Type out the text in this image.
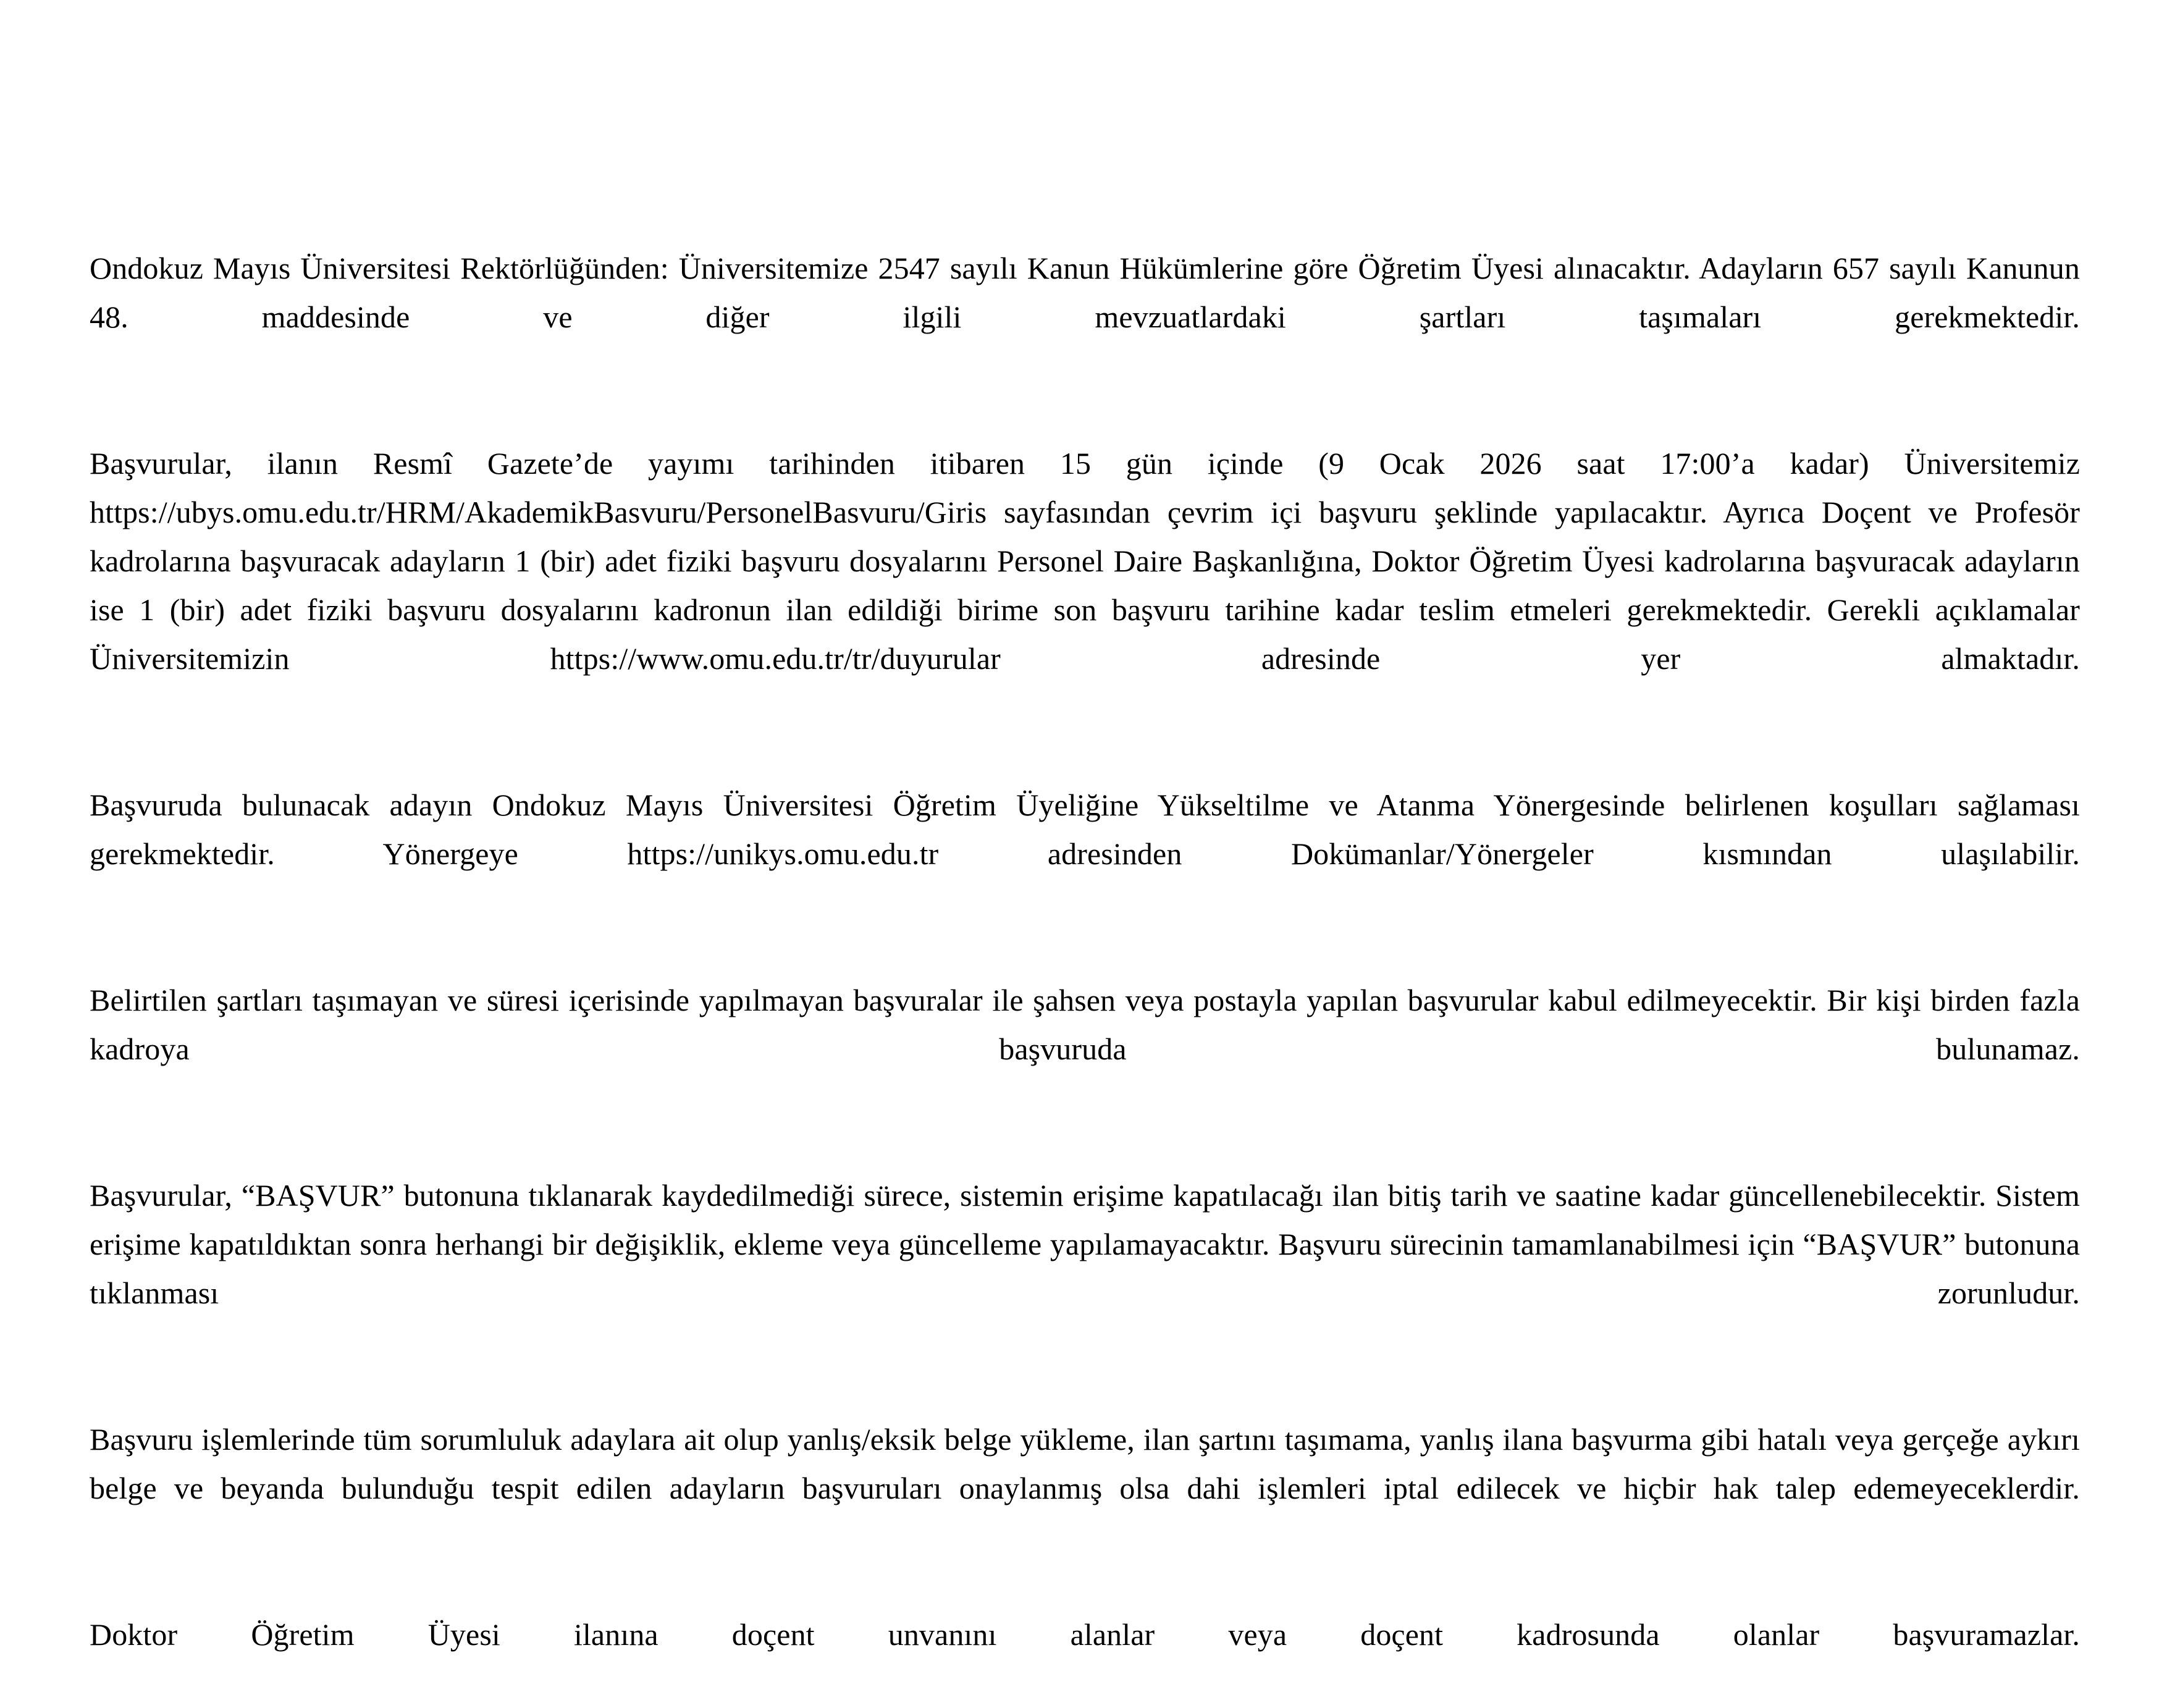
Ondokuz Mayıs Üniversitesi Rektörlüğünden: Üniversitemize 2547 sayılı Kanun Hükümlerine göre Öğretim Üyesi alınacaktır. Adayların 657 sayılı Kanunun 48. maddesinde ve diğer ilgili mevzuatlardaki şartları taşımaları gerekmektedir.

Başvurular, ilanın Resmî Gazete’de yayımı tarihinden itibaren 15 gün içinde (9 Ocak 2026 saat 17:00’a kadar) Üniversitemiz https://ubys.omu.edu.tr/HRM/AkademikBasvuru/PersonelBasvuru/Giris sayfasından çevrim içi başvuru şeklinde yapılacaktır. Ayrıca Doçent ve Profesör kadrolarına başvuracak adayların 1 (bir) adet fiziki başvuru dosyalarını Personel Daire Başkanlığına, Doktor Öğretim Üyesi kadrolarına başvuracak adayların ise 1 (bir) adet fiziki başvuru dosyalarını kadronun ilan edildiği birime son başvuru tarihine kadar teslim etmeleri gerekmektedir. Gerekli açıklamalar Üniversitemizin https://www.omu.edu.tr/tr/duyurular adresinde yer almaktadır.

Başvuruda bulunacak adayın Ondokuz Mayıs Üniversitesi Öğretim Üyeliğine Yükseltilme ve Atanma Yönergesinde belirlenen koşulları sağlaması gerekmektedir. Yönergeye https://unikys.omu.edu.tr adresinden Dokümanlar/Yönergeler kısmından ulaşılabilir.

Belirtilen şartları taşımayan ve süresi içerisinde yapılmayan başvuralar ile şahsen veya postayla yapılan başvurular kabul edilmeyecektir. Bir kişi birden fazla kadroya başvuruda bulunamaz.

Başvurular, “BAŞVUR” butonuna tıklanarak kaydedilmediği sürece, sistemin erişime kapatılacağı ilan bitiş tarih ve saatine kadar güncellenebilecektir. Sistem erişime kapatıldıktan sonra herhangi bir değişiklik, ekleme veya güncelleme yapılamayacaktır. Başvuru sürecinin tamamlanabilmesi için “BAŞVUR” butonuna tıklanması zorunludur.

Başvuru işlemlerinde tüm sorumluluk adaylara ait olup yanlış/eksik belge yükleme, ilan şartını taşımama, yanlış ilana başvurma gibi hatalı veya gerçeğe aykırı belge ve beyanda bulunduğu tespit edilen adayların başvuruları onaylanmış olsa dahi işlemleri iptal edilecek ve hiçbir hak talep edemeyeceklerdir.

Doktor Öğretim Üyesi ilanına doçent unvanını alanlar veya doçent kadrosunda olanlar başvuramazlar.
